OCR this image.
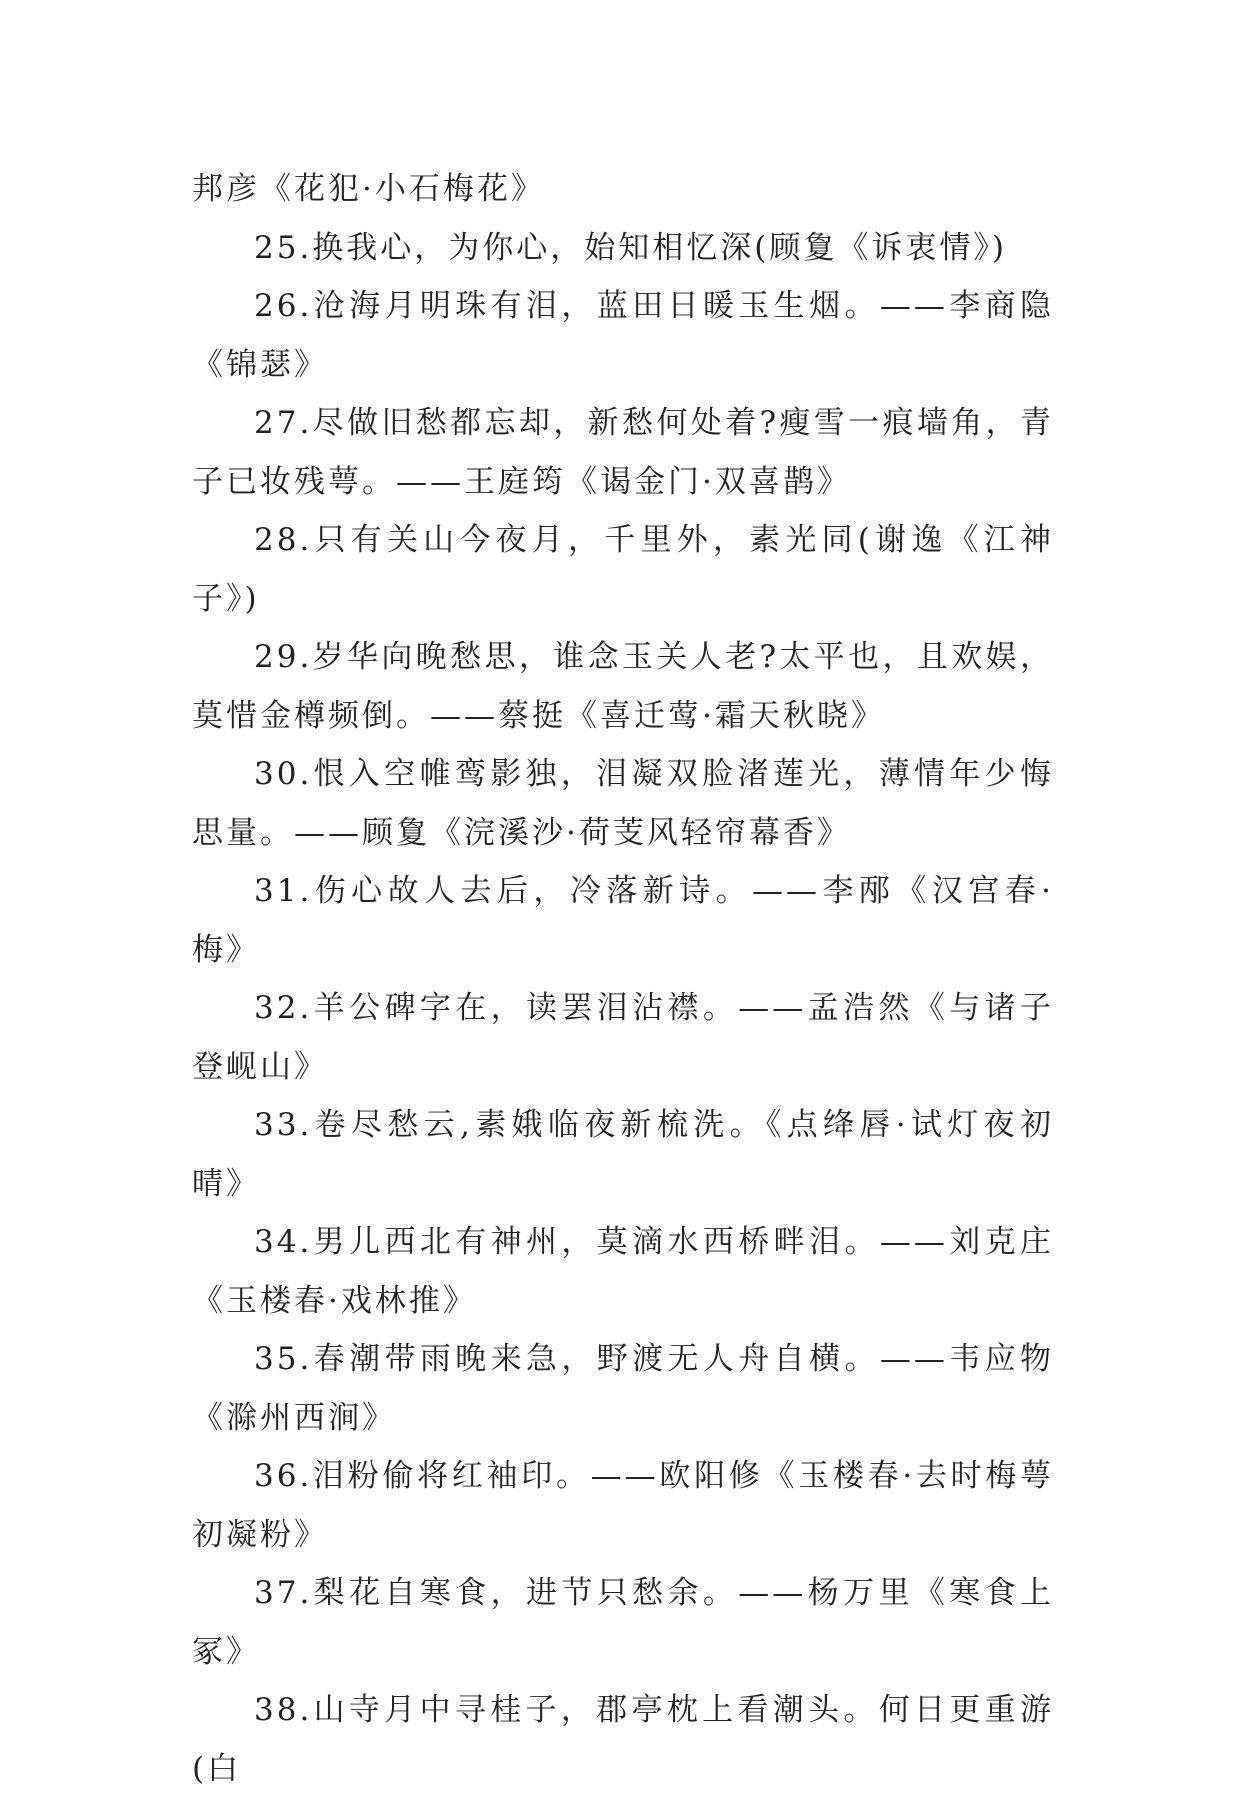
邦彦《花犯·小石梅花》

25.换我心，为你心，始知相忆深(顾夐《诉衷情》)

26.沧海月明珠有泪，蓝田日暖玉生烟。——李商隐《锦瑟》

27.尽做旧愁都忘却，新愁何处着?瘦雪一痕墙角，青子已妆残萼。——王庭筠《谒金门·双喜鹊》

28.只有关山今夜月，千里外，素光同(谢逸《江神子》)

29.岁华向晚愁思，谁念玉关人老?太平也，且欢娱，莫惜金樽频倒。——蔡挺《喜迁莺·霜天秋晓》

30.恨入空帷鸾影独，泪凝双脸渚莲光，薄情年少悔思量。——顾夐《浣溪沙·荷芰风轻帘幕香》

31.伤心故人去后，冷落新诗。——李邴《汉宫春·梅》

32.羊公碑字在，读罢泪沾襟。——孟浩然《与诸子登岘山》

33.卷尽愁云,素娥临夜新梳洗。《点绛唇·试灯夜初晴》

34.男儿西北有神州，莫滴水西桥畔泪。——刘克庄《玉楼春·戏林推》

35.春潮带雨晚来急，野渡无人舟自横。——韦应物《滁州西涧》

36.泪粉偷将红袖印。——欧阳修《玉楼春·去时梅萼初凝粉》

37.梨花自寒食，进节只愁余。——杨万里《寒食上冢》

38.山寺月中寻桂子，郡亭枕上看潮头。何日更重游(白
